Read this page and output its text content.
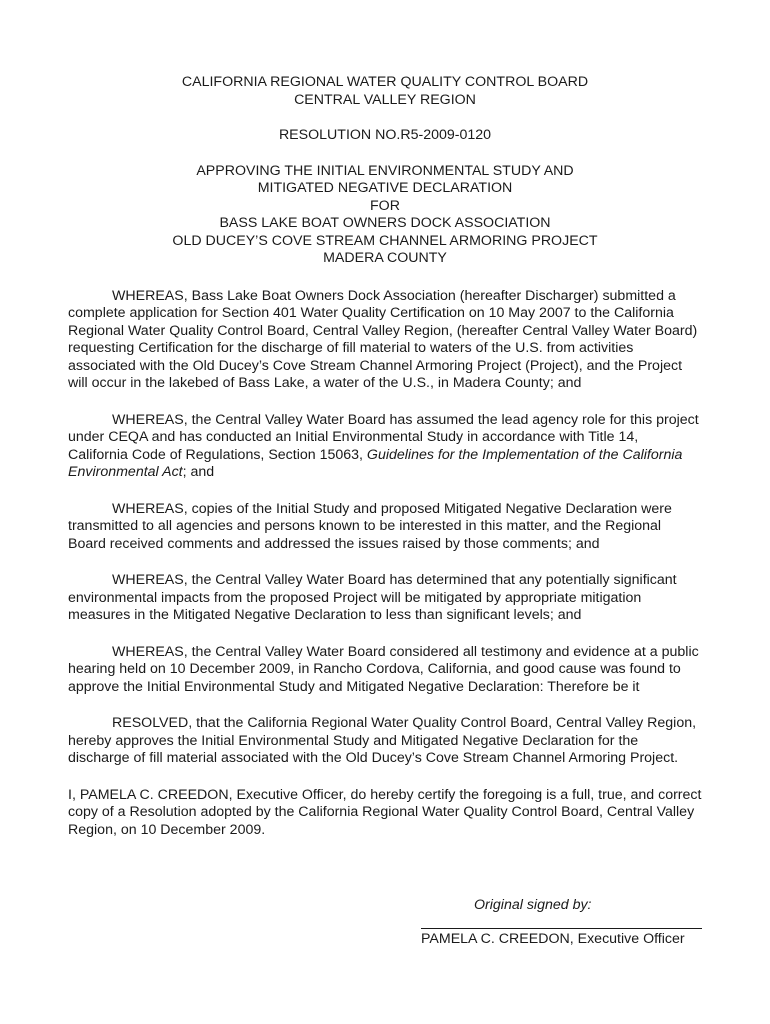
CALIFORNIA REGIONAL WATER QUALITY CONTROL BOARD
CENTRAL VALLEY REGION
RESOLUTION NO.R5-2009-0120
APPROVING THE INITIAL ENVIRONMENTAL STUDY AND
MITIGATED NEGATIVE DECLARATION
FOR
BASS LAKE BOAT OWNERS DOCK ASSOCIATION
OLD DUCEY’S COVE STREAM CHANNEL ARMORING PROJECT
MADERA COUNTY

WHEREAS, Bass Lake Boat Owners Dock Association (hereafter Discharger) submitted a complete application for Section 401 Water Quality Certification on 10 May 2007 to the California Regional Water Quality Control Board, Central Valley Region, (hereafter Central Valley Water Board) requesting Certification for the discharge of fill material to waters of the U.S. from activities associated with the Old Ducey’s Cove Stream Channel Armoring Project (Project), and the Project will occur in the lakebed of Bass Lake, a water of the U.S., in Madera County; and

WHEREAS, the Central Valley Water Board has assumed the lead agency role for this project under CEQA and has conducted an Initial Environmental Study in accordance with Title 14, California Code of Regulations, Section 15063, Guidelines for the Implementation of the California Environmental Act; and

WHEREAS, copies of the Initial Study and proposed Mitigated Negative Declaration were transmitted to all agencies and persons known to be interested in this matter, and the Regional Board received comments and addressed the issues raised by those comments; and

WHEREAS, the Central Valley Water Board has determined that any potentially significant environmental impacts from the proposed Project will be mitigated by appropriate mitigation measures in the Mitigated Negative Declaration to less than significant levels; and

WHEREAS, the Central Valley Water Board considered all testimony and evidence at a public hearing held on 10 December 2009, in Rancho Cordova, California, and good cause was found to approve the Initial Environmental Study and Mitigated Negative Declaration: Therefore be it

RESOLVED, that the California Regional Water Quality Control Board, Central Valley Region, hereby approves the Initial Environmental Study and Mitigated Negative Declaration for the discharge of fill material associated with the Old Ducey’s Cove Stream Channel Armoring Project.

I, PAMELA C. CREEDON, Executive Officer, do hereby certify the foregoing is a full, true, and correct copy of a Resolution adopted by the California Regional Water Quality Control Board, Central Valley Region, on 10 December 2009.

Original signed by:
PAMELA C. CREEDON, Executive Officer
